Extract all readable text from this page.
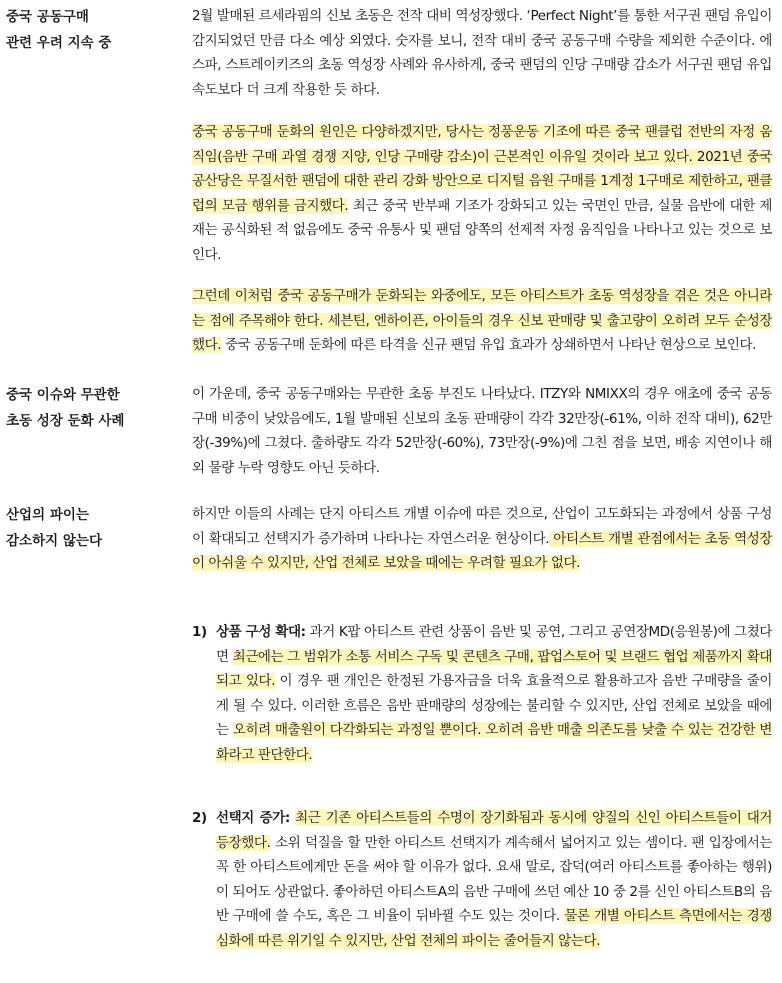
중국 공동구매
관련 우려 지속 중
2월 발매된 르세라핌의 신보 초동은 전작 대비 역성장했다. ‘Perfect Night’를 통한 서구권 팬덤 유입이 감지되었던 만큼 다소 예상 외였다. 숫자를 보니, 전작 대비 중국 공동구매 수량을 제외한 수준이다. 에스파, 스트레이키즈의 초동 역성장 사례와 유사하게, 중국 팬덤의 인당 구매량 감소가 서구권 팬덤 유입 속도보다 더 크게 작용한 듯 하다.
중국 공동구매 둔화의 원인은 다양하겠지만, 당사는 정풍운동 기조에 따른 중국 팬클럽 전반의 자정 움직임(음반 구매 과열 경쟁 지양, 인당 구매량 감소)이 근본적인 이유일 것이라 보고 있다. 2021년 중국 공산당은 무질서한 팬덤에 대한 관리 강화 방안으로 디지털 음원 구매를 1계정 1구매로 제한하고, 팬클럽의 모금 행위를 금지했다. 최근 중국 반부패 기조가 강화되고 있는 국면인 만큼, 실물 음반에 대한 제재는 공식화된 적 없음에도 중국 유통사 및 팬덤 양쪽의 선제적 자정 움직임을 나타나고 있는 것으로 보인다.
그런데 이처럼 중국 공동구매가 둔화되는 와중에도, 모든 아티스트가 초동 역성장을 겪은 것은 아니라는 점에 주목해야 한다. 세븐틴, 엔하이픈, 아이들의 경우 신보 판매량 및 출고량이 오히려 모두 순성장했다. 중국 공동구매 둔화에 따른 타격을 신규 팬덤 유입 효과가 상쇄하면서 나타난 현상으로 보인다.
중국 이슈와 무관한
초동 성장 둔화 사례
이 가운데, 중국 공동구매와는 무관한 초동 부진도 나타났다. ITZY와 NMIXX의 경우 애초에 중국 공동구매 비중이 낮았음에도, 1월 발매된 신보의 초동 판매량이 각각 32만장(-61%, 이하 전작 대비), 62만장(-39%)에 그쳤다. 출하량도 각각 52만장(-60%), 73만장(-9%)에 그친 점을 보면, 배송 지연이나 해외 물량 누락 영향도 아닌 듯하다.
산업의 파이는
감소하지 않는다
하지만 이들의 사례는 단지 아티스트 개별 이슈에 따른 것으로, 산업이 고도화되는 과정에서 상품 구성이 확대되고 선택지가 증가하며 나타나는 자연스러운 현상이다. 아티스트 개별 관점에서는 초동 역성장이 아쉬울 수 있지만, 산업 전체로 보았을 때에는 우려할 필요가 없다.
1) 상품 구성 확대: 과거 K팝 아티스트 관련 상품이 음반 및 공연, 그리고 공연장MD(응원봉)에 그쳤다면 최근에는 그 범위가 소통 서비스 구독 및 콘텐츠 구매, 팝업스토어 및 브랜드 협업 제품까지 확대되고 있다. 이 경우 팬 개인은 한정된 가용자금을 더욱 효율적으로 활용하고자 음반 구매량을 줄이게 될 수 있다. 이러한 흐름은 음반 판매량의 성장에는 불리할 수 있지만, 산업 전체로 보았을 때에는 오히려 매출원이 다각화되는 과정일 뿐이다. 오히려 음반 매출 의존도를 낮출 수 있는 건강한 변화라고 판단한다.
2) 선택지 증가: 최근 기존 아티스트들의 수명이 장기화됨과 동시에 양질의 신인 아티스트들이 대거 등장했다. 소위 덕질을 할 만한 아티스트 선택지가 계속해서 넓어지고 있는 셈이다. 팬 입장에서는 꼭 한 아티스트에게만 돈을 써야 할 이유가 없다. 요새 말로, 잡덕(여러 아티스트를 좋아하는 행위)이 되어도 상관없다. 좋아하던 아티스트A의 음반 구매에 쓰던 예산 10 중 2를 신인 아티스트B의 음반 구매에 쓸 수도, 혹은 그 비율이 뒤바뀔 수도 있는 것이다. 물론 개별 아티스트 측면에서는 경쟁 심화에 따른 위기일 수 있지만, 산업 전체의 파이는 줄어들지 않는다.
